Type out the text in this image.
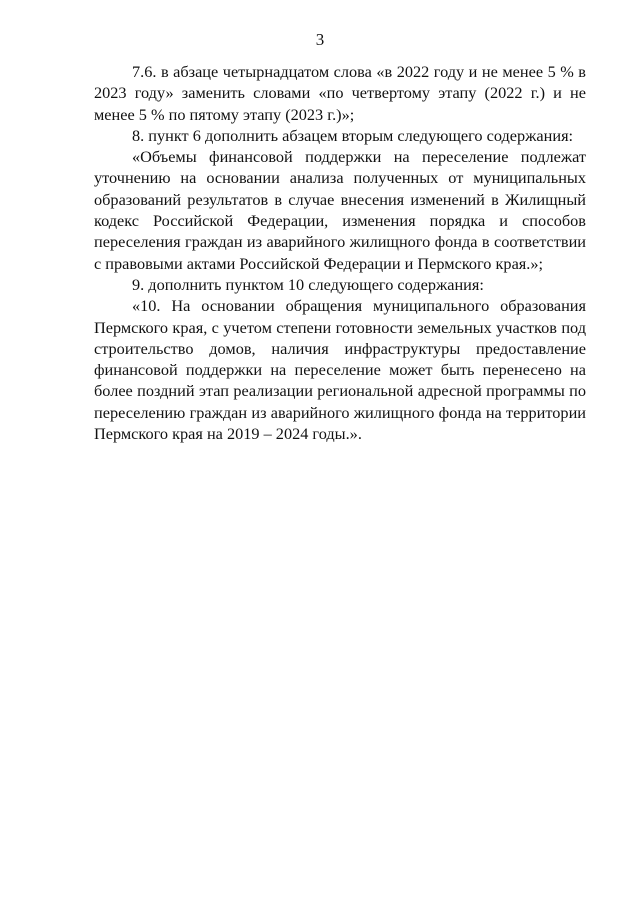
3

7.6. в абзаце четырнадцатом слова «в 2022 году и не менее 5 % в 2023 году» заменить словами «по четвертому этапу (2022 г.) и не менее 5 % по пятому этапу (2023 г.)»;

8. пункт 6 дополнить абзацем вторым следующего содержания:

«Объемы финансовой поддержки на переселение подлежат уточнению на основании анализа полученных от муниципальных образований результатов в случае внесения изменений в Жилищный кодекс Российской Федерации, изменения порядка и способов переселения граждан из аварийного жилищного фонда в соответствии с правовыми актами Российской Федерации и Пермского края.»;

9. дополнить пунктом 10 следующего содержания:

«10. На основании обращения муниципального образования Пермского края, с учетом степени готовности земельных участков под строительство домов, наличия инфраструктуры предоставление финансовой поддержки на переселение может быть перенесено на более поздний этап реализации региональной адресной программы по переселению граждан из аварийного жилищного фонда на территории Пермского края на 2019 – 2024 годы.».
